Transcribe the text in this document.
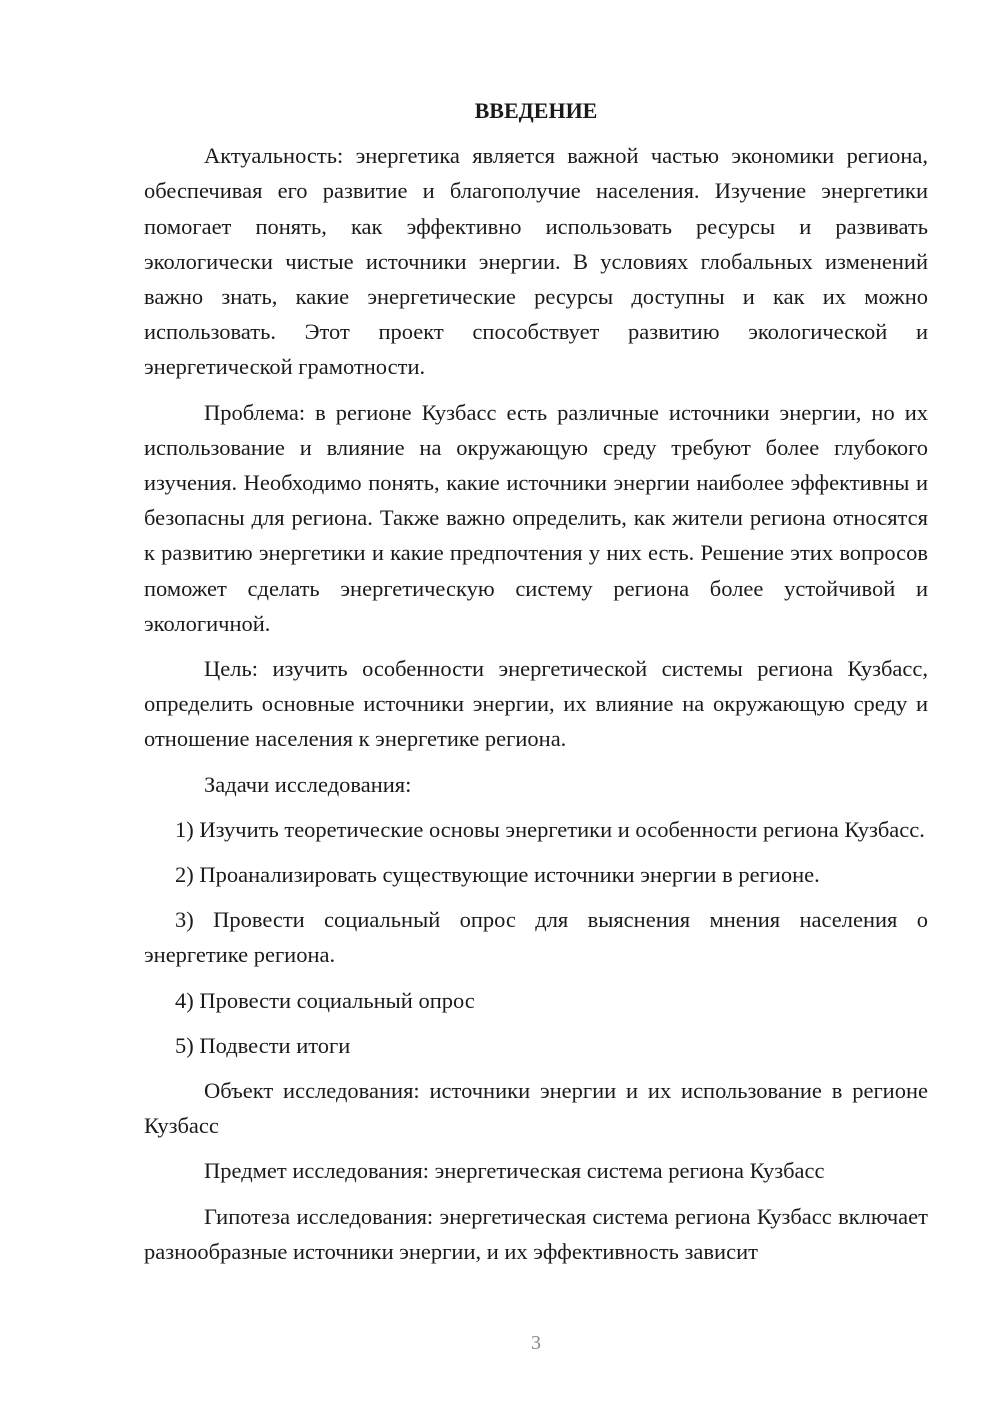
ВВЕДЕНИЕ

Актуальность: энергетика является важной частью экономики региона, обеспечивая его развитие и благополучие населения. Изучение энергетики помогает понять, как эффективно использовать ресурсы и развивать экологически чистые источники энергии. В условиях глобальных изменений важно знать, какие энергетические ресурсы доступны и как их можно использовать. Этот проект способствует развитию экологической и энергетической грамотности.

Проблема: в регионе Кузбасс есть различные источники энергии, но их использование и влияние на окружающую среду требуют более глубокого изучения. Необходимо понять, какие источники энергии наиболее эффективны и безопасны для региона. Также важно определить, как жители региона относятся к развитию энергетики и какие предпочтения у них есть. Решение этих вопросов поможет сделать энергетическую систему региона более устойчивой и экологичной.

Цель: изучить особенности энергетической системы региона Кузбасс, определить основные источники энергии, их влияние на окружающую среду и отношение населения к энергетике региона.

Задачи исследования:

1) Изучить теоретические основы энергетики и особенности региона Кузбасс.

2) Проанализировать существующие источники энергии в регионе.

3) Провести социальный опрос для выяснения мнения населения о энергетике региона.

4) Провести социальный опрос

5) Подвести итоги

Объект исследования: источники энергии и их использование в регионе Кузбасс

Предмет исследования: энергетическая система региона Кузбасс

Гипотеза исследования: энергетическая система региона Кузбасс включает разнообразные источники энергии, и их эффективность зависит

3
